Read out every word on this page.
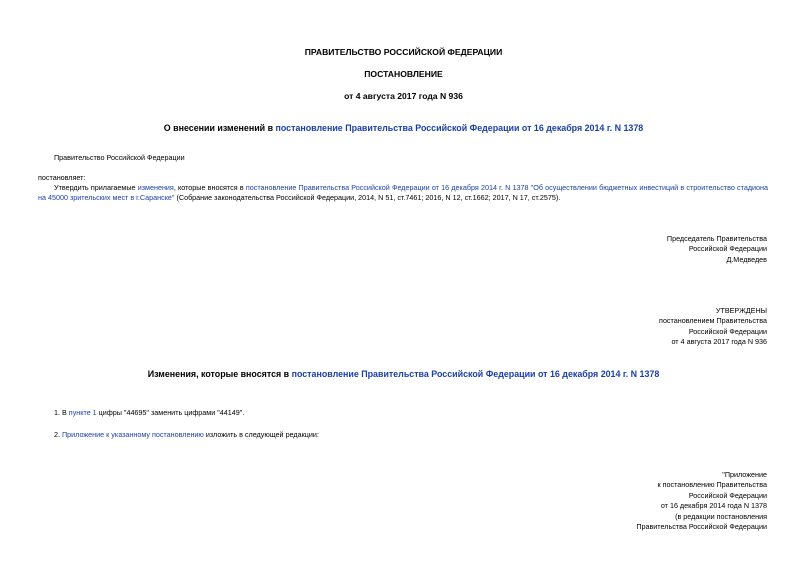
ПРАВИТЕЛЬСТВО РОССИЙСКОЙ ФЕДЕРАЦИИ

ПОСТАНОВЛЕНИЕ

от 4 августа 2017 года N 936

О внесении изменений в постановление Правительства Российской Федерации от 16 декабря 2014 г. N 1378

Правительство Российской Федерации

постановляет:

Утвердить прилагаемые изменения, которые вносятся в постановление Правительства Российской Федерации от 16 декабря 2014 г. N 1378 "Об осуществлении бюджетных инвестиций в строительство стадиона на 45000 зрительских мест в г.Саранске" (Собрание законодательства Российской Федерации, 2014, N 51, ст.7461; 2016, N 12, ст.1662; 2017, N 17, ст.2575).

Председатель Правительства
Российской Федерации
Д.Медведев
УТВЕРЖДЕНЫ
постановлением Правительства
Российской Федерации
от 4 августа 2017 года N 936

Изменения, которые вносятся в постановление Правительства Российской Федерации от 16 декабря 2014 г. N 1378

1. В пункте 1 цифры "44695" заменить цифрами "44149".

2. Приложение к указанному постановлению изложить в следующей редакции:

"Приложение
к постановлению Правительства
Российской Федерации
от 16 декабря 2014 года N 1378
(в редакции постановления
Правительства Российской Федерации
